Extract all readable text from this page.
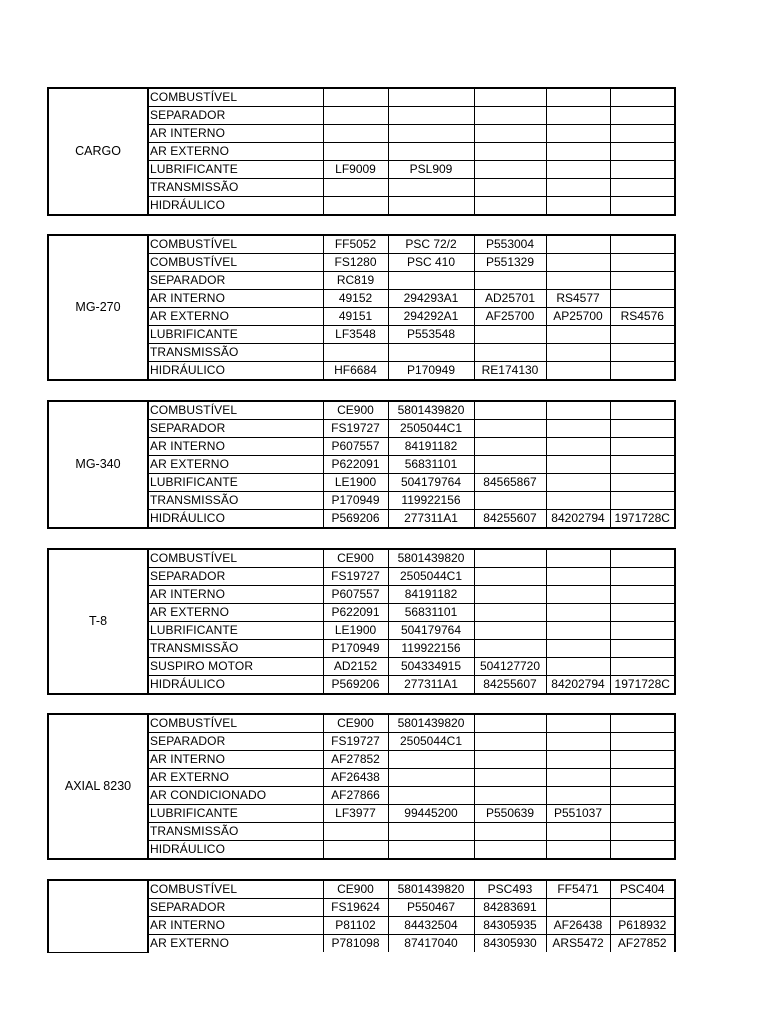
CARGO	COMBUSTÍVEL					
	SEPARADOR					
	AR INTERNO					
	AR EXTERNO					
	LUBRIFICANTE	LF9009	PSL909			
	TRANSMISSÃO					
	HIDRÁULICO					
MG-270	COMBUSTÍVEL	FF5052	PSC 72/2	P553004		
	COMBUSTÍVEL	FS1280	PSC 410	P551329		
	SEPARADOR	RC819				
	AR INTERNO	49152	294293A1	AD25701	RS4577	
	AR EXTERNO	49151	294292A1	AF25700	AP25700	RS4576
	LUBRIFICANTE	LF3548	P553548			
	TRANSMISSÃO					
	HIDRÁULICO	HF6684	P170949	RE174130		
MG-340	COMBUSTÍVEL	CE900	5801439820			
	SEPARADOR	FS19727	2505044C1			
	AR INTERNO	P607557	84191182			
	AR EXTERNO	P622091	56831101			
	LUBRIFICANTE	LE1900	504179764	84565867		
	TRANSMISSÃO	P170949	119922156			
	HIDRÁULICO	P569206	277311A1	84255607	84202794	1971728C
T-8	COMBUSTÍVEL	CE900	5801439820			
	SEPARADOR	FS19727	2505044C1			
	AR INTERNO	P607557	84191182			
	AR EXTERNO	P622091	56831101			
	LUBRIFICANTE	LE1900	504179764			
	TRANSMISSÃO	P170949	119922156			
	SUSPIRO MOTOR	AD2152	504334915	504127720		
	HIDRÁULICO	P569206	277311A1	84255607	84202794	1971728C
AXIAL 8230	COMBUSTÍVEL	CE900	5801439820			
	SEPARADOR	FS19727	2505044C1			
	AR INTERNO	AF27852				
	AR EXTERNO	AF26438				
	AR CONDICIONADO	AF27866				
	LUBRIFICANTE	LF3977	99445200	P550639	P551037	
	TRANSMISSÃO					
	HIDRÁULICO					
	COMBUSTÍVEL	CE900	5801439820	PSC493	FF5471	PSC404
	SEPARADOR	FS19624	P550467	84283691		
	AR INTERNO	P81102	84432504	84305935	AF26438	P618932
	AR EXTERNO	P781098	87417040	84305930	ARS5472	AF27852
